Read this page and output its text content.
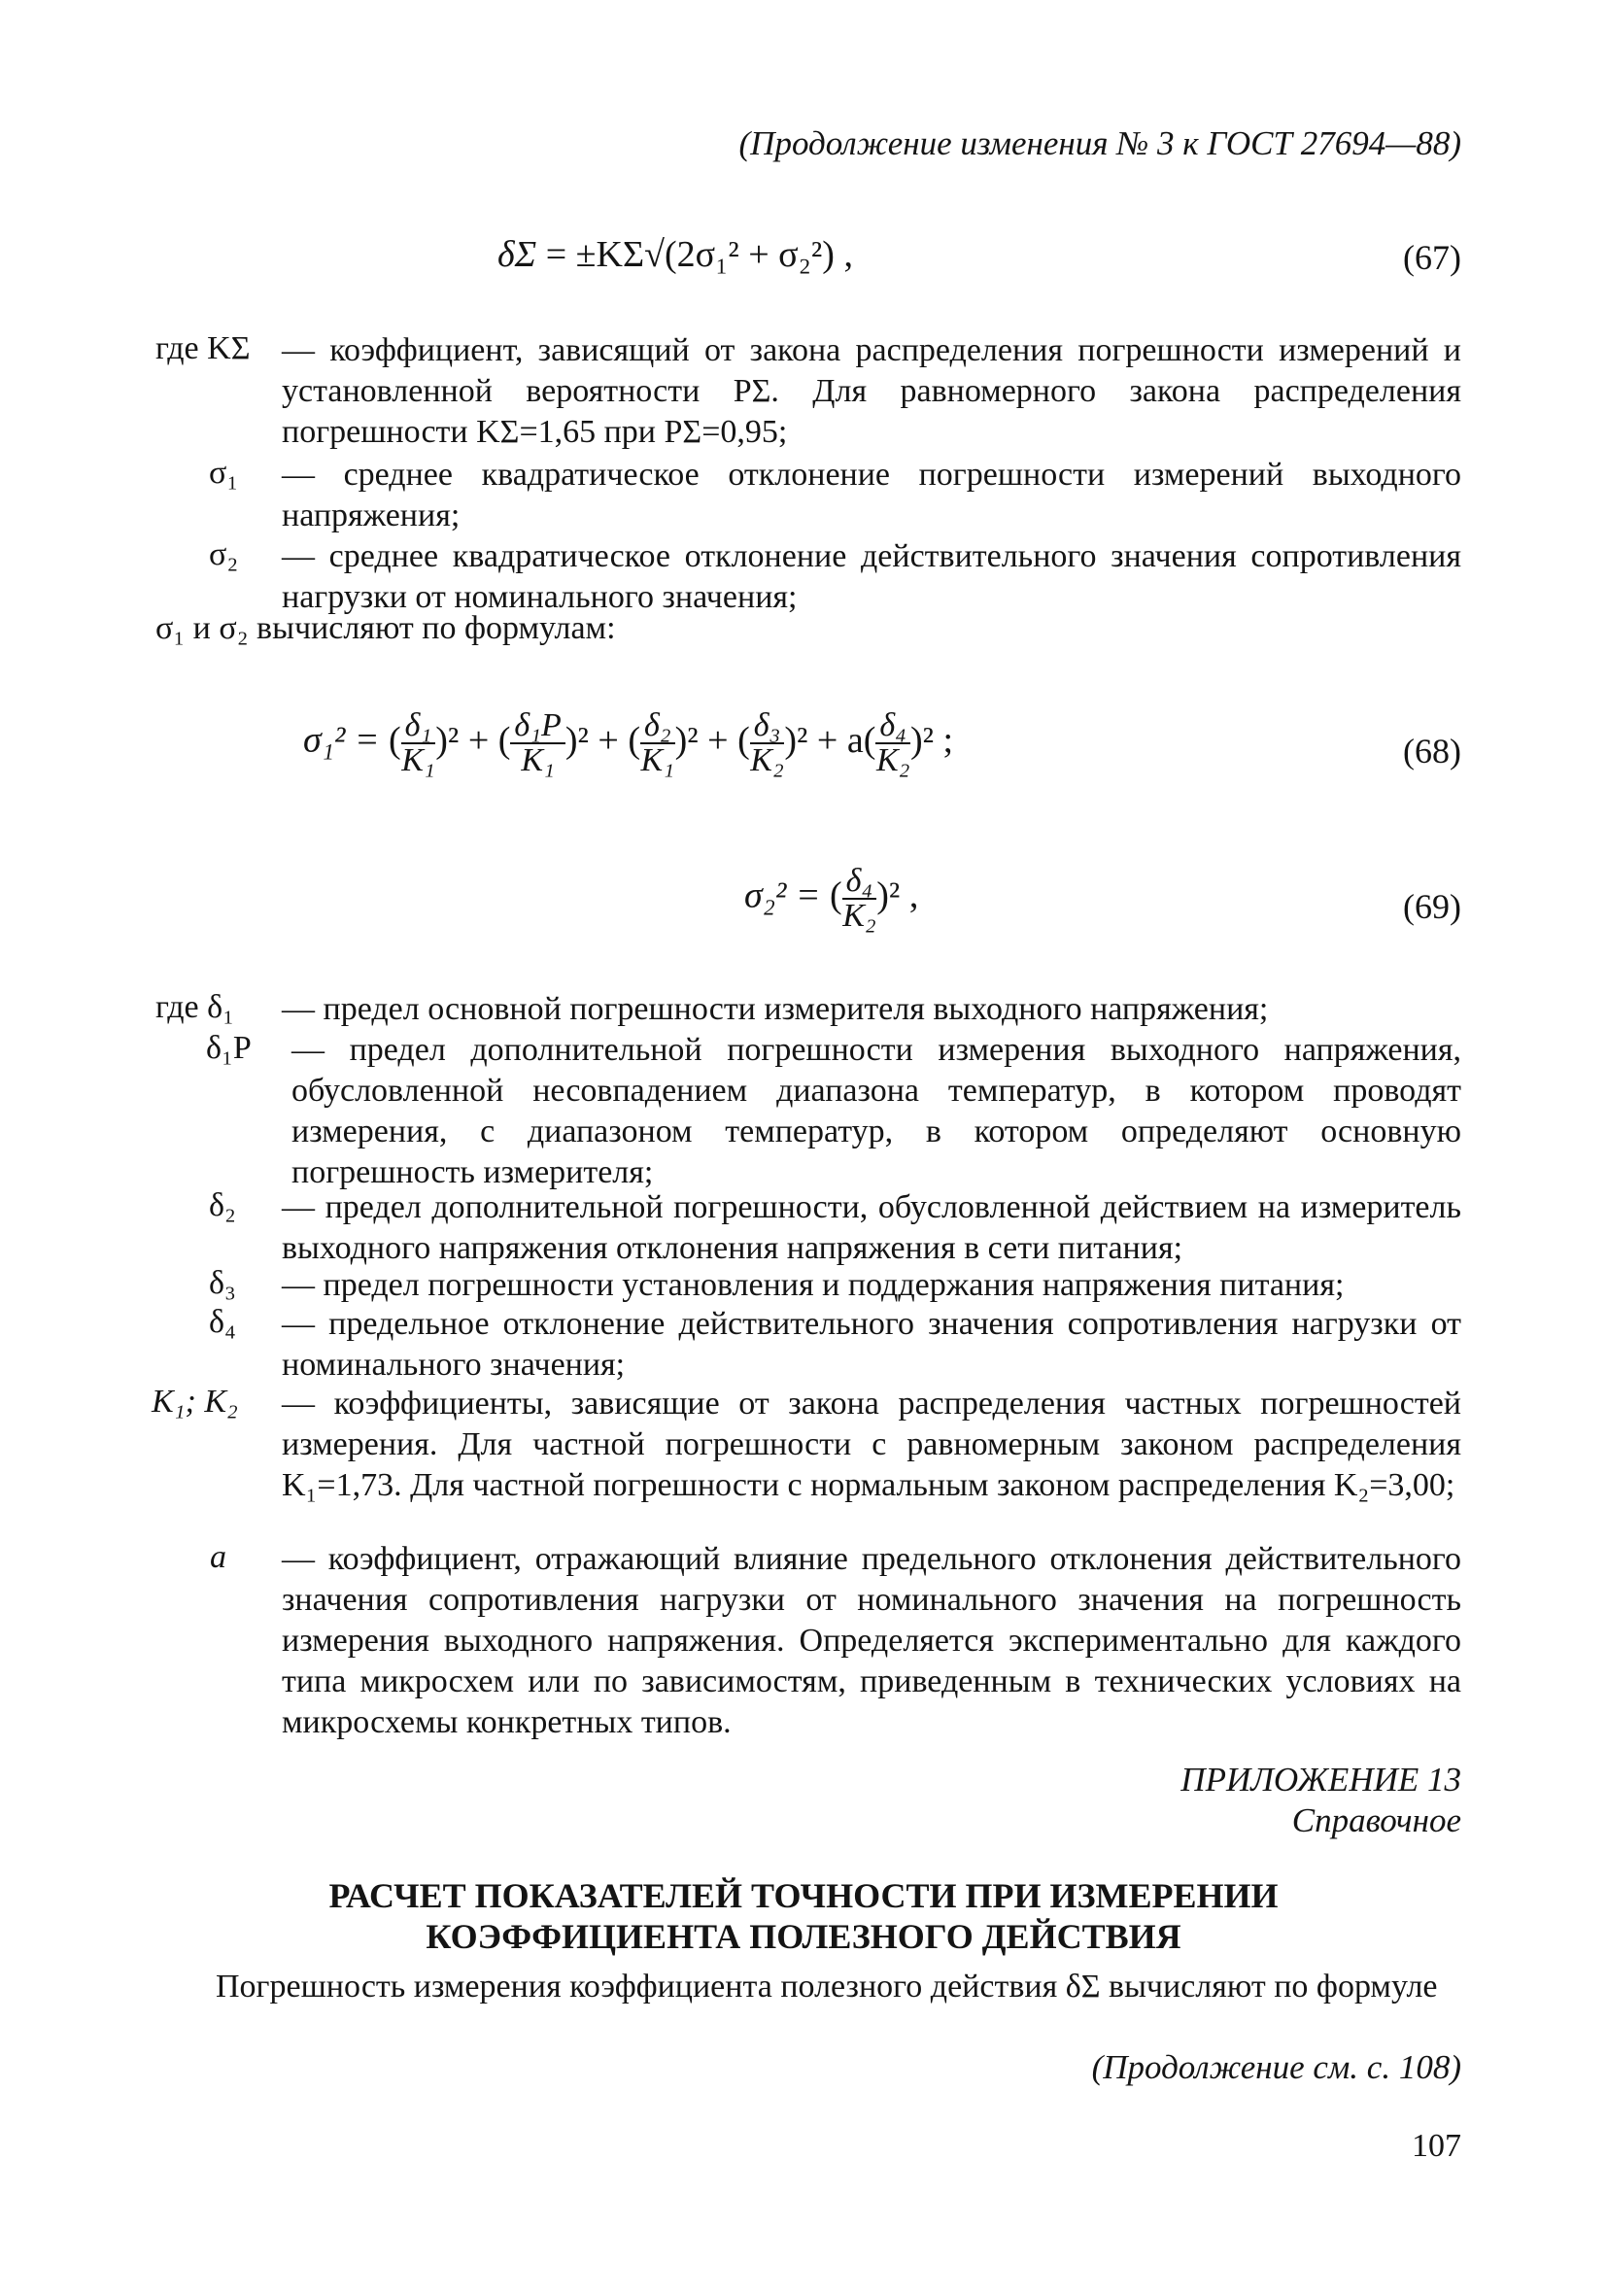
(Продолжение изменения № 3 к ГОСТ 27694—88)
δΣ = ±KΣ√(2σ₁² + σ₂²) ,	(67)
где KΣ — коэффициент, зависящий от закона распределения погрешности измерений и установленной вероятности PΣ. Для равномерного закона распределения погрешности KΣ=1,65 при PΣ=0,95;
σ₁ — среднее квадратическое отклонение погрешности измерений выходного напряжения;
σ₂ — среднее квадратическое отклонение действительного значения сопротивления нагрузки от номинального значения;
σ₁ и σ₂ вычисляют по формулам:
σ₁² = ( $\frac{\text{δ₁}}{\text{K₁}} )^2$ + ( $\frac{\text{δ₁P}}{\text{K₁}} )^2$ + ( $\frac{\text{δ₂}}{\text{K₁}} )^2$ + ( $\frac{\text{δ₃}}{\text{K₂}} )^2 + a( \frac{\text{δ₄}}{\text{K₂}} )^2$ ;	(68)
σ₂² = ( $\frac{\text{δ₄}}{\text{K₂}} )^2$ ,	(69)
где δ₁ — предел основной погрешности измерителя выходного напряжения;
δ₁P — предел дополнительной погрешности измерения выходного напряжения, обусловленной несовпадением диапазона температур, в котором проводят измерения, с диапазоном температур, в котором определяют основную погрешность измерителя;
δ₂ — предел дополнительной погрешности, обусловленной действием на измеритель выходного напряжения отклонения напряжения в сети питания;
δ₃ — предел погрешности установления и поддержания напряжения питания;
δ₄ — предельное отклонение действительного значения сопротивления нагрузки от номинального значения;
K₁; K₂ — коэффициенты, зависящие от закона распределения частных погрешностей измерения. Для частной погрешности с равномерным законом распределения K₁=1,73. Для частной погрешности с нормальным законом распределения K₂=3,00;
a — коэффициент, отражающий влияние предельного отклонения действительного значения сопротивления нагрузки от номинального значения на погрешность измерения выходного напряжения. Определяется экспериментально для каждого типа микросхем или по зависимостям, приведенным в технических условиях на микросхемы конкретных типов.
ПРИЛОЖЕНИЕ 13
Справочное
РАСЧЕТ ПОКАЗАТЕЛЕЙ ТОЧНОСТИ ПРИ ИЗМЕРЕНИИ
КОЭФФИЦИЕНТА ПОЛЕЗНОГО ДЕЙСТВИЯ
Погрешность измерения коэффициента полезного действия δΣ вычисляют по формуле
(Продолжение см. с. 108)
107
